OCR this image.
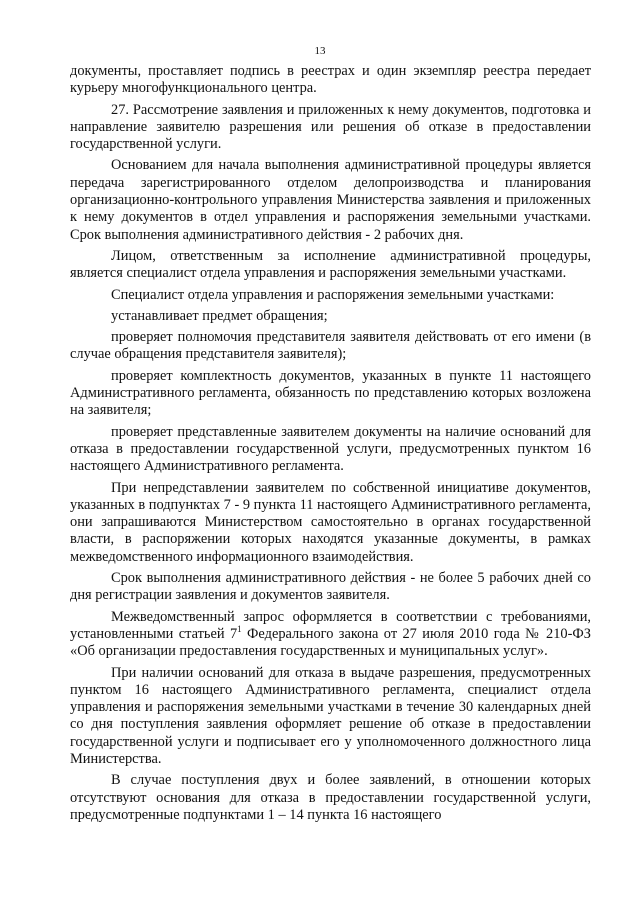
13

документы, проставляет подпись в реестрах и один экземпляр реестра передает курьеру многофункционального центра.

27. Рассмотрение заявления и приложенных к нему документов, подготовка и направление заявителю разрешения или решения об отказе в предоставлении государственной услуги.

Основанием для начала выполнения административной процедуры является передача зарегистрированного отделом делопроизводства и планирования организационно-контрольного управления Министерства заявления и приложенных к нему документов в отдел управления и распоряжения земельными участками. Срок выполнения административного действия - 2 рабочих дня.

Лицом, ответственным за исполнение административной процедуры, является специалист отдела управления и распоряжения земельными участками.

Специалист отдела управления и распоряжения земельными участками:

устанавливает предмет обращения;

проверяет полномочия представителя заявителя действовать от его имени (в случае обращения представителя заявителя);

проверяет комплектность документов, указанных в пункте 11 настоящего Административного регламента, обязанность по представлению которых возложена на заявителя;

проверяет представленные заявителем документы на наличие оснований для отказа в предоставлении государственной услуги, предусмотренных пунктом 16 настоящего Административного регламента.

При непредставлении заявителем по собственной инициативе документов, указанных в подпунктах 7 - 9 пункта 11 настоящего Административного регламента, они запрашиваются Министерством самостоятельно в органах государственной власти, в распоряжении которых находятся указанные документы, в рамках межведомственного информационного взаимодействия.

Срок выполнения административного действия - не более 5 рабочих дней со дня регистрации заявления и документов заявителя.

Межведомственный запрос оформляется в соответствии с требованиями, установленными статьей $7^1$ Федерального закона от 27 июля 2010 года № 210-ФЗ «Об организации предоставления государственных и муниципальных услуг».

При наличии оснований для отказа в выдаче разрешения, предусмотренных пунктом 16 настоящего Административного регламента, специалист отдела управления и распоряжения земельными участками в течение 30 календарных дней со дня поступления заявления оформляет решение об отказе в предоставлении государственной услуги и подписывает его у уполномоченного должностного лица Министерства.

В случае поступления двух и более заявлений, в отношении которых отсутствуют основания для отказа в предоставлении государственной услуги, предусмотренные подпунктами 1 – 14 пункта 16 настоящего
